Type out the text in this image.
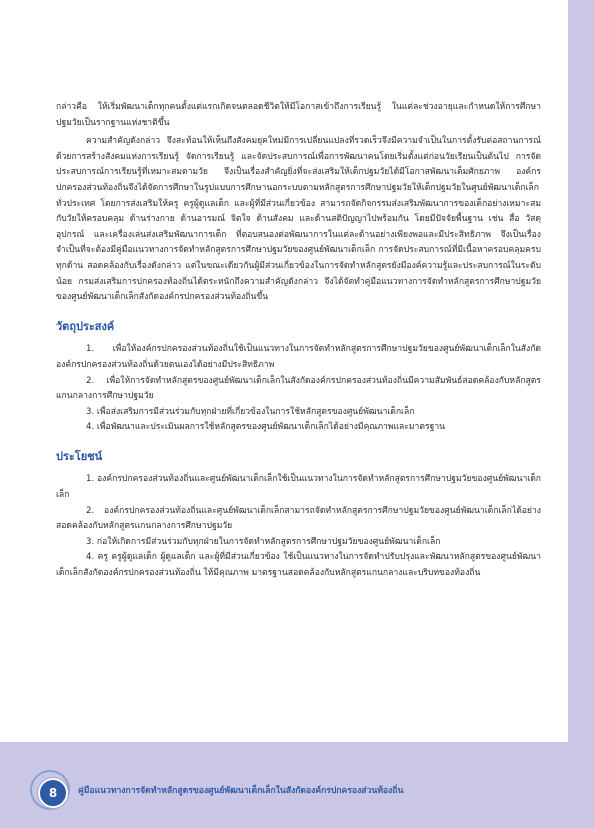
กล่าวคือ ให้เริ่มพัฒนาเด็กทุกคนตั้งแต่แรกเกิดจนตลอดชีวิตให้มีโอกาสเข้าถึงการเรียนรู้ ในแต่ละช่วงอายุและกำหนดให้การศึกษาปฐมวัยเป็นรากฐานแห่งชาติขึ้น

ความสำคัญดังกล่าว จึงสะท้อนให้เห็นถึงสังคมยุคใหม่มีการเปลี่ยนแปลงที่รวดเร็วจึงมีความจำเป็นในการตั้งรับต่อสถานการณ์ ด้วยการสร้างสังคมแห่งการเรียนรู้ จัดการเรียนรู้ และจัดประสบการณ์เพื่อการพัฒนาคนโดยเริ่มตั้งแต่ก่อนวัยเรียนเป็นต้นไป การจัดประสบการณ์การเรียนรู้ที่เหมาะสมตามวัย จึงเป็นเรื่องสำคัญยิ่งที่จะส่งเสริมให้เด็กปฐมวัยได้มีโอกาสพัฒนาเต็มศักยภาพ องค์กรปกครองส่วนท้องถิ่นจึงได้จัดการศึกษาในรูปแบบการศึกษานอกระบบตามหลักสูตรการศึกษาปฐมวัยให้เด็กปฐมวัยในศูนย์พัฒนาเด็กเล็กทั่วประเทศ โดยการส่งเสริมให้ครู ครูผู้ดูแลเด็ก และผู้ที่มีส่วนเกี่ยวข้อง สามารถจัดกิจกรรมส่งเสริมพัฒนาการของเด็กอย่างเหมาะสมกับวัยให้ครอบคลุม ด้านร่างกาย ด้านอารมณ์ จิตใจ ด้านสังคม และด้านสติปัญญาไปพร้อมกัน โดยมีปัจจัยพื้นฐาน เช่น สื่อ วัสดุ อุปกรณ์ และเครื่องเล่นส่งเสริมพัฒนาการเด็ก ที่ตอบสนองต่อพัฒนาการในแต่ละด้านอย่างเพียงพอและมีประสิทธิภาพ จึงเป็นเรื่องจำเป็นที่จะต้องมีคู่มือแนวทางการจัดทำหลักสูตรการศึกษาปฐมวัยของศูนย์พัฒนาเด็กเล็ก การจัดประสบการณ์ที่มีเนื้อหาครอบคลุมครบทุกด้าน สอดคล้องกับเรื่องดังกล่าว แต่ในขณะเดียวกันผู้มีส่วนเกี่ยวข้องในการจัดทำหลักสูตรยังมีองค์ความรู้และประสบการณ์ในระดับน้อย กรมส่งเสริมการปกครองท้องถิ่นได้ตระหนักถึงความสำคัญดังกล่าว จึงได้จัดทำคู่มือแนวทางการจัดทำหลักสูตรการศึกษาปฐมวัยของศูนย์พัฒนาเด็กเล็กสังกัดองค์กรปกครองส่วนท้องถิ่นขึ้น

วัตถุประสงค์

1. เพื่อให้องค์กรปกครองส่วนท้องถิ่นใช้เป็นแนวทางในการจัดทำหลักสูตรการศึกษาปฐมวัยของศูนย์พัฒนาเด็กเล็กในสังกัดองค์กรปกครองส่วนท้องถิ่นด้วยตนเองได้อย่างมีประสิทธิภาพ

2. เพื่อให้การจัดทำหลักสูตรของศูนย์พัฒนาเด็กเล็กในสังกัดองค์กรปกครองส่วนท้องถิ่นมีความสัมพันธ์สอดคล้องกับหลักสูตรแกนกลางการศึกษาปฐมวัย

3. เพื่อส่งเสริมการมีส่วนร่วมกับทุกฝ่ายที่เกี่ยวข้องในการใช้หลักสูตรของศูนย์พัฒนาเด็กเล็ก

4. เพื่อพัฒนาและประเมินผลการใช้หลักสูตรของศูนย์พัฒนาเด็กเล็กได้อย่างมีคุณภาพและมาตรฐาน

ประโยชน์

1. องค์กรปกครองส่วนท้องถิ่นและศูนย์พัฒนาเด็กเล็กใช้เป็นแนวทางในการจัดทำหลักสูตรการศึกษาปฐมวัยของศูนย์พัฒนาเด็กเล็ก

2. องค์กรปกครองส่วนท้องถิ่นและศูนย์พัฒนาเด็กเล็กสามารถจัดทำหลักสูตรการศึกษาปฐมวัยของศูนย์พัฒนาเด็กเล็กได้อย่างสอดคล้องกับหลักสูตรแกนกลางการศึกษาปฐมวัย

3. ก่อให้เกิดการมีส่วนร่วมกับทุกฝ่ายในการจัดทำหลักสูตรการศึกษาปฐมวัยของศูนย์พัฒนาเด็กเล็ก

4. ครู ครูผู้ดูแลเด็ก ผู้ดูแลเด็ก และผู้ที่มีส่วนเกี่ยวข้อง ใช้เป็นแนวทางในการจัดทำปรับปรุงและพัฒนาหลักสูตรของศูนย์พัฒนาเด็กเล็กสังกัดองค์กรปกครองส่วนท้องถิ่น ให้มีคุณภาพ มาตรฐานสอดคล้องกับหลักสูตรแกนกลางและบริบทของท้องถิ่น

8	คู่มือแนวทางการจัดทำหลักสูตรของศูนย์พัฒนาเด็กเล็กในสังกัดองค์กรปกครองส่วนท้องถิ่น
